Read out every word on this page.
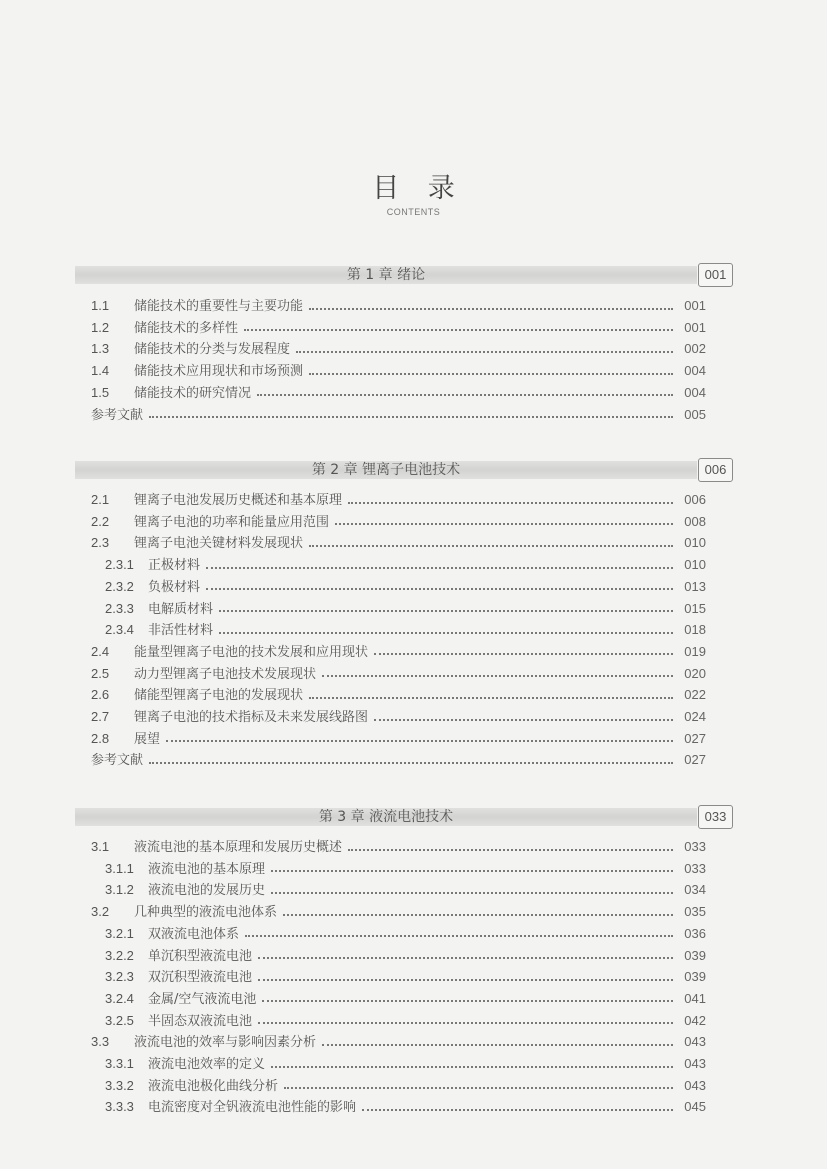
目 录
CONTENTS
第 1 章 绪论	001
1.1 储能技术的重要性与主要功能	001
1.2 储能技术的多样性	001
1.3 储能技术的分类与发展程度	002
1.4 储能技术应用现状和市场预测	004
1.5 储能技术的研究情况	004
参考文献	005
第 2 章 锂离子电池技术	006
2.1 锂离子电池发展历史概述和基本原理	006
2.2 锂离子电池的功率和能量应用范围	008
2.3 锂离子电池关键材料发展现状	010
2.3.1 正极材料	010
2.3.2 负极材料	013
2.3.3 电解质材料	015
2.3.4 非活性材料	018
2.4 能量型锂离子电池的技术发展和应用现状	019
2.5 动力型锂离子电池技术发展现状	020
2.6 储能型锂离子电池的发展现状	022
2.7 锂离子电池的技术指标及未来发展线路图	024
2.8 展望	027
参考文献	027
第 3 章 液流电池技术	033
3.1 液流电池的基本原理和发展历史概述	033
3.1.1 液流电池的基本原理	033
3.1.2 液流电池的发展历史	034
3.2 几种典型的液流电池体系	035
3.2.1 双液流电池体系	036
3.2.2 单沉积型液流电池	039
3.2.3 双沉积型液流电池	039
3.2.4 金属/空气液流电池	041
3.2.5 半固态双液流电池	042
3.3 液流电池的效率与影响因素分析	043
3.3.1 液流电池效率的定义	043
3.3.2 液流电池极化曲线分析	043
3.3.3 电流密度对全钒液流电池性能的影响	045
